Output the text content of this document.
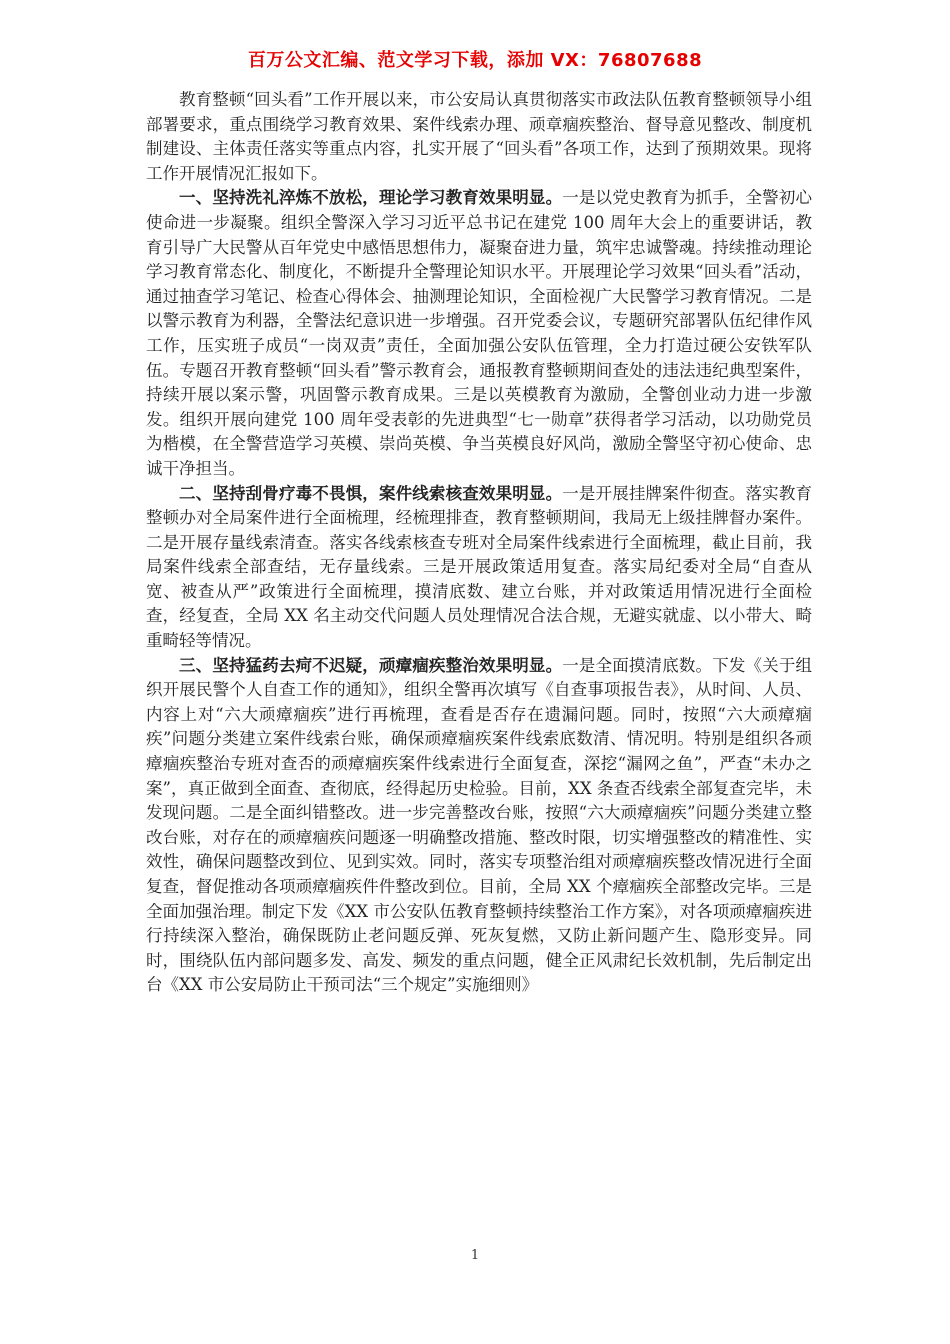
百万公文汇编、范文学习下载，添加 VX：76807688

教育整顿“回头看”工作开展以来，市公安局认真贯彻落实市政法队伍教育整顿领导小组部署要求，重点围绕学习教育效果、案件线索办理、顽章痼疾整治、督导意见整改、制度机制建设、主体责任落实等重点内容，扎实开展了“回头看”各项工作，达到了预期效果。现将工作开展情况汇报如下。

一、坚持洗礼淬炼不放松，理论学习教育效果明显。一是以党史教育为抓手，全警初心使命进一步凝聚。组织全警深入学习习近平总书记在建党 100 周年大会上的重要讲话，教育引导广大民警从百年党史中感悟思想伟力，凝聚奋进力量，筑牢忠诚警魂。持续推动理论学习教育常态化、制度化，不断提升全警理论知识水平。开展理论学习效果“回头看”活动，通过抽查学习笔记、检查心得体会、抽测理论知识，全面检视广大民警学习教育情况。二是以警示教育为利器，全警法纪意识进一步增强。召开党委会议，专题研究部署队伍纪律作风工作，压实班子成员“一岗双责”责任，全面加强公安队伍管理，全力打造过硬公安铁军队伍。专题召开教育整顿“回头看”警示教育会，通报教育整顿期间查处的违法违纪典型案件，持续开展以案示警，巩固警示教育成果。三是以英模教育为激励，全警创业动力进一步激发。组织开展向建党 100 周年受表彰的先进典型“七一勋章”获得者学习活动，以功勋党员为楷模，在全警营造学习英模、崇尚英模、争当英模良好风尚，激励全警坚守初心使命、忠诚干净担当。

二、坚持刮骨疗毒不畏惧，案件线索核查效果明显。一是开展挂牌案件彻查。落实教育整顿办对全局案件进行全面梳理，经梳理排查，教育整顿期间，我局无上级挂牌督办案件。二是开展存量线索清查。落实各线索核查专班对全局案件线索进行全面梳理，截止目前，我局案件线索全部查结，无存量线索。三是开展政策适用复查。落实局纪委对全局“自查从宽、被查从严”政策进行全面梳理，摸清底数、建立台账，并对政策适用情况进行全面检查，经复查，全局 XX 名主动交代问题人员处理情况合法合规，无避实就虚、以小带大、畸重畸轻等情况。

三、坚持猛药去疴不迟疑，顽瘴痼疾整治效果明显。一是全面摸清底数。下发《关于组织开展民警个人自查工作的通知》，组织全警再次填写《自查事项报告表》，从时间、人员、内容上对“六大顽瘴痼疾”进行再梳理，查看是否存在遗漏问题。同时，按照“六大顽瘴痼疾”问题分类建立案件线索台账，确保顽瘴痼疾案件线索底数清、情况明。特别是组织各顽瘴痼疾整治专班对查否的顽瘴痼疾案件线索进行全面复查，深挖“漏网之鱼”，严查“未办之案”，真正做到全面查、查彻底，经得起历史检验。目前，XX 条查否线索全部复查完毕，未发现问题。二是全面纠错整改。进一步完善整改台账，按照“六大顽瘴痼疾”问题分类建立整改台账，对存在的顽瘴痼疾问题逐一明确整改措施、整改时限，切实增强整改的精准性、实效性，确保问题整改到位、见到实效。同时，落实专项整治组对顽瘴痼疾整改情况进行全面复查，督促推动各项顽瘴痼疾件件整改到位。目前，全局 XX 个瘴痼疾全部整改完毕。三是全面加强治理。制定下发《XX 市公安队伍教育整顿持续整治工作方案》，对各项顽瘴痼疾进行持续深入整治，确保既防止老问题反弹、死灰复燃，又防止新问题产生、隐形变异。同时，围绕队伍内部问题多发、高发、频发的重点问题，健全正风肃纪长效机制，先后制定出台《XX 市公安局防止干预司法“三个规定”实施细则》

1
